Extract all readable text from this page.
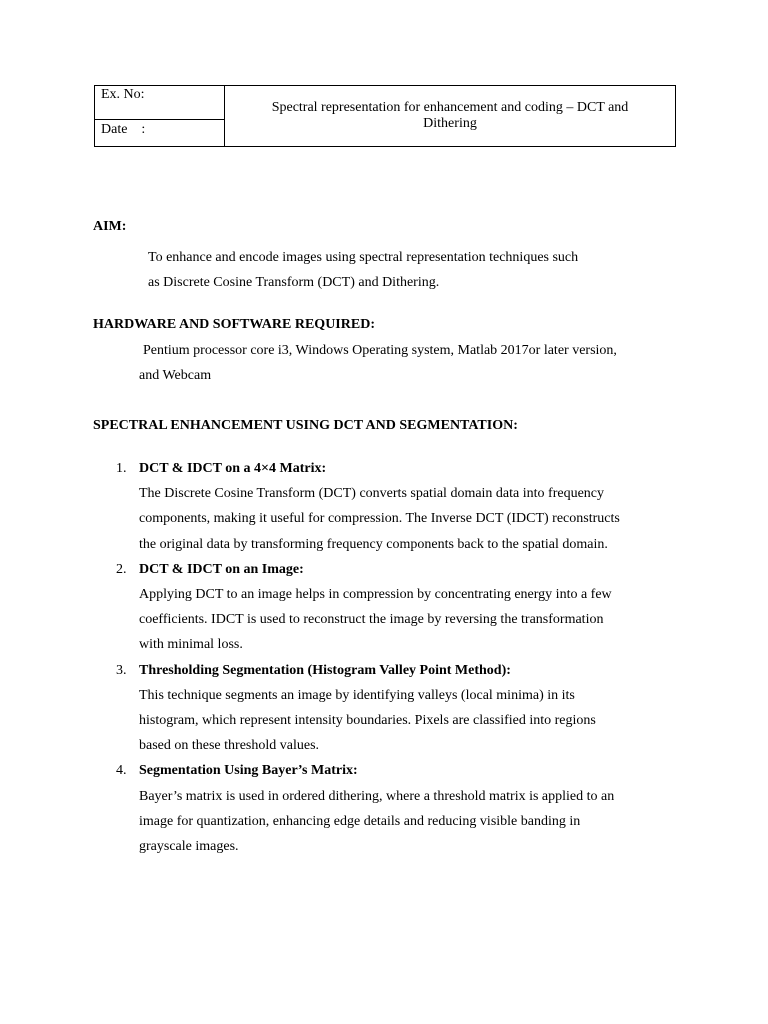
Ex. No:	Spectral representation for enhancement and coding – DCT and Dithering
Date    :
AIM:
To enhance and encode images using spectral representation techniques such
as Discrete Cosine Transform (DCT) and Dithering.
HARDWARE AND SOFTWARE REQUIRED:
Pentium processor core i3, Windows Operating system, Matlab 2017or later version,
and Webcam
SPECTRAL ENHANCEMENT USING DCT AND SEGMENTATION:
1. DCT & IDCT on a 4×4 Matrix:
The Discrete Cosine Transform (DCT) converts spatial domain data into frequency
components, making it useful for compression. The Inverse DCT (IDCT) reconstructs
the original data by transforming frequency components back to the spatial domain.
2. DCT & IDCT on an Image:
Applying DCT to an image helps in compression by concentrating energy into a few
coefficients. IDCT is used to reconstruct the image by reversing the transformation
with minimal loss.
3. Thresholding Segmentation (Histogram Valley Point Method):
This technique segments an image by identifying valleys (local minima) in its
histogram, which represent intensity boundaries. Pixels are classified into regions
based on these threshold values.
4. Segmentation Using Bayer’s Matrix:
Bayer’s matrix is used in ordered dithering, where a threshold matrix is applied to an
image for quantization, enhancing edge details and reducing visible banding in
grayscale images.
